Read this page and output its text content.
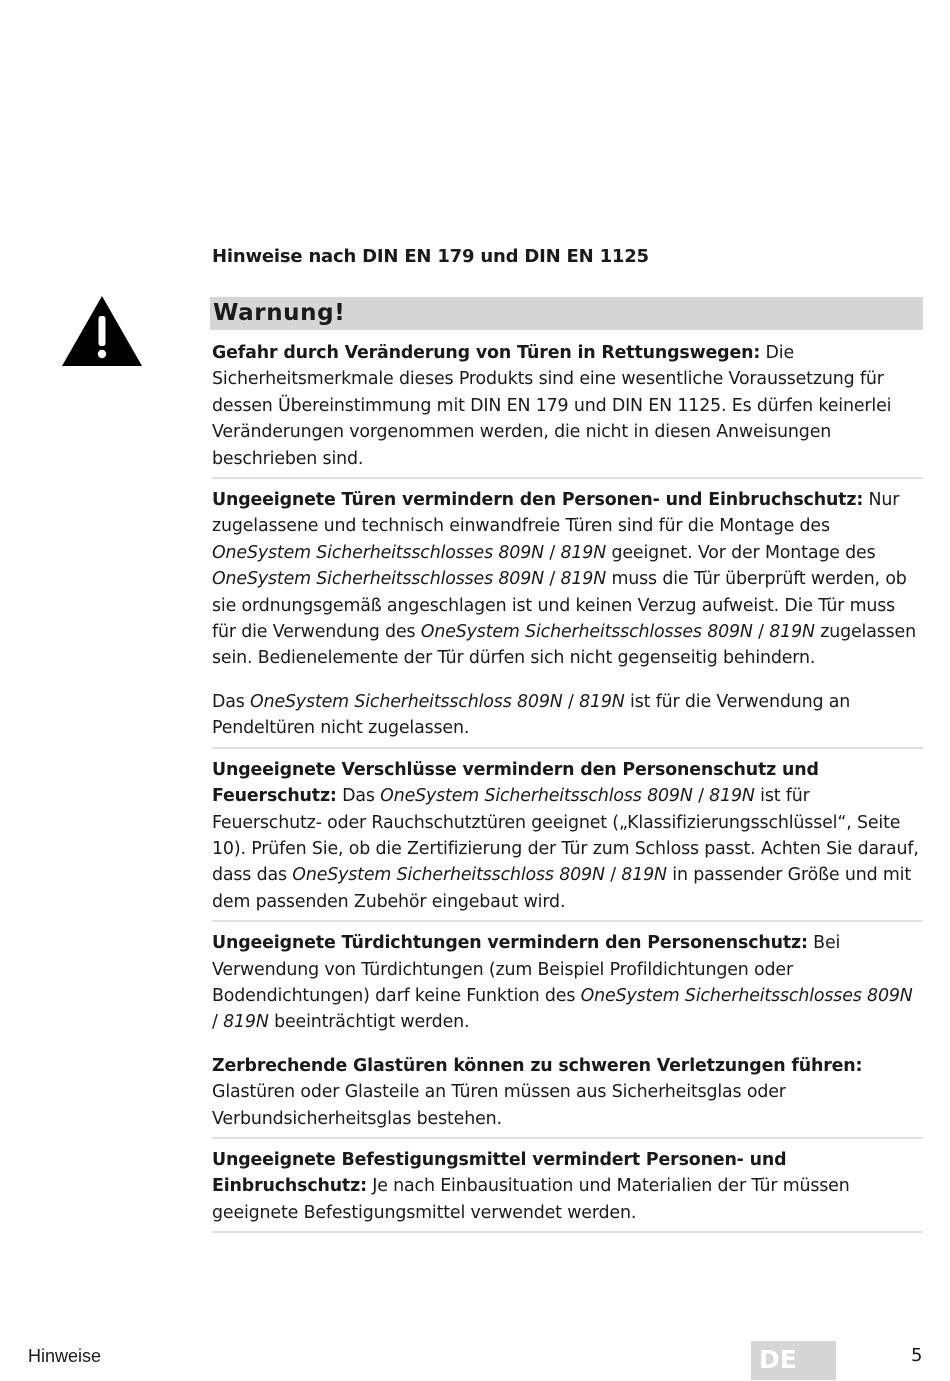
Hinweise nach DIN EN 179 und DIN EN 1125
Warnung!

Gefahr durch Veränderung von Türen in Rettungswegen: Die Sicherheitsmerkmale dieses Produkts sind eine wesentliche Voraussetzung für dessen Übereinstimmung mit DIN EN 179 und DIN EN 1125. Es dürfen keinerlei Veränderungen vorgenommen werden, die nicht in diesen Anweisungen beschrieben sind.

Ungeeignete Türen vermindern den Personen- und Einbruchschutz: Nur zugelassene und technisch einwandfreie Türen sind für die Montage des OneSystem Sicherheitsschlosses 809N / 819N geeignet. Vor der Montage des OneSystem Sicherheitsschlosses 809N / 819N muss die Tür überprüft werden, ob sie ordnungsgemäß angeschlagen ist und keinen Verzug aufweist. Die Tür muss für die Verwendung des OneSystem Sicherheitsschlosses 809N / 819N zugelassen sein. Bedienelemente der Tür dürfen sich nicht gegenseitig behindern.

Das OneSystem Sicherheitsschloss 809N / 819N ist für die Verwendung an Pendeltüren nicht zugelassen.

Ungeeignete Verschlüsse vermindern den Personenschutz und Feuerschutz: Das OneSystem Sicherheitsschloss 809N / 819N ist für Feuerschutz- oder Rauchschutztüren geeignet („Klassifizierungsschlüssel“, Seite 10). Prüfen Sie, ob die Zertifizierung der Tür zum Schloss passt. Achten Sie darauf, dass das OneSystem Sicherheitsschloss 809N / 819N in passender Größe und mit dem passenden Zubehör eingebaut wird.

Ungeeignete Türdichtungen vermindern den Personenschutz: Bei Verwendung von Türdichtungen (zum Beispiel Profildichtungen oder Bodendichtungen) darf keine Funktion des OneSystem Sicherheitsschlosses 809N / 819N beeinträchtigt werden.

Zerbrechende Glastüren können zu schweren Verletzungen führen: Glastüren oder Glasteile an Türen müssen aus Sicherheitsglas oder Verbundsicherheitsglas bestehen.

Ungeeignete Befestigungsmittel vermindert Personen- und Einbruchschutz: Je nach Einbausituation und Materialien der Tür müssen geeignete Befestigungsmittel verwendet werden.

Hinweise	DE	5
